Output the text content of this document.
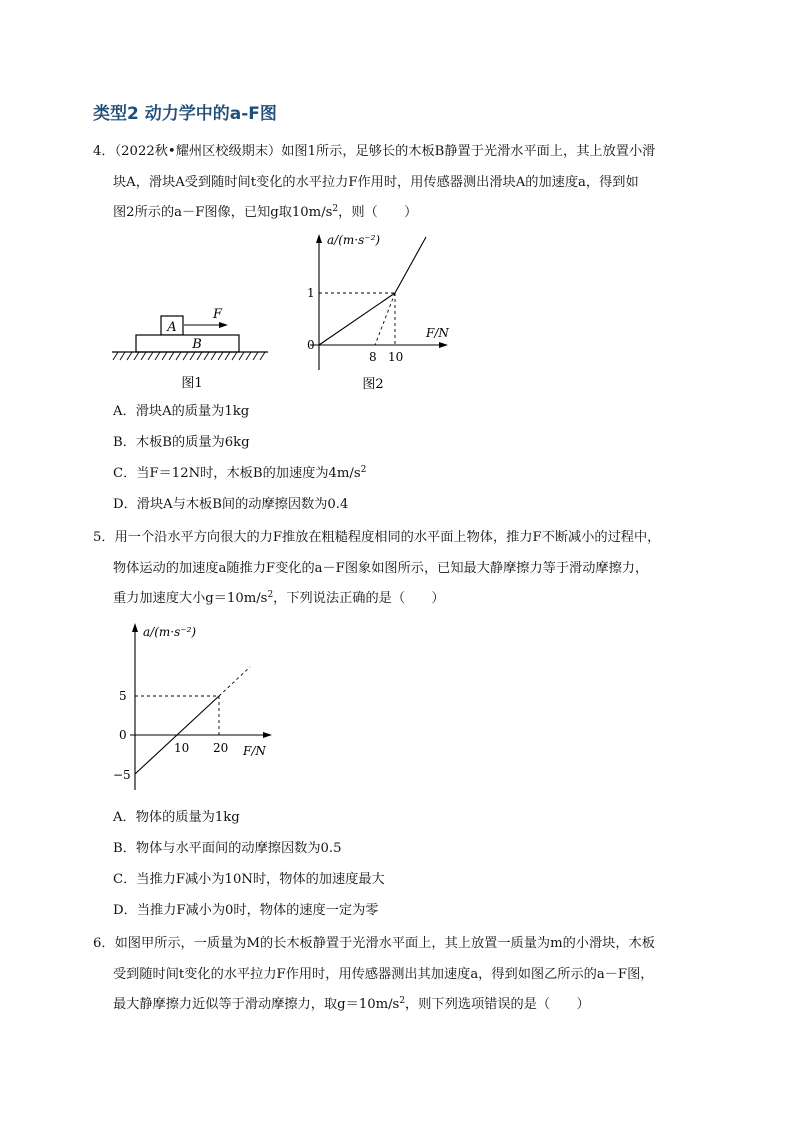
类型2 动力学中的a-F图
4．（2022秋•耀州区校级期末）如图1所示，足够长的木板B静置于光滑水平面上，其上放置小滑
块A，滑块A受到随时间t变化的水平拉力F作用时，用传感器测出滑块A的加速度a，得到如
图2所示的a－F图像，已知g取$10m/s^2$，则（　　）
A
F
B
图1
a/(m·s⁻²)
F/N
1
0
8 10
图2
A．滑块A的质量为1kg
B．木板B的质量为6kg
C．当F＝12N时，木板B的加速度为$4m/s^2$
D．滑块A与木板B间的动摩擦因数为0.4
5．用一个沿水平方向很大的力F推放在粗糙程度相同的水平面上物体，推力F不断减小的过程中，
物体运动的加速度a随推力F变化的a－F图象如图所示，已知最大静摩擦力等于滑动摩擦力，
重力加速度大小$g=10m/s^2$，下列说法正确的是（　　）
a/(m·s⁻²)
F/N
5
0
−5
10 20
A．物体的质量为1kg
B．物体与水平面间的动摩擦因数为0.5
C．当推力F减小为10N时，物体的加速度最大
D．当推力F减小为0时，物体的速度一定为零
6．如图甲所示，一质量为M的长木板静置于光滑水平面上，其上放置一质量为m的小滑块，木板
受到随时间t变化的水平拉力F作用时，用传感器测出其加速度a，得到如图乙所示的a－F图，
最大静摩擦力近似等于滑动摩擦力，取$g=10m/s^2$，则下列选项错误的是（　　）
